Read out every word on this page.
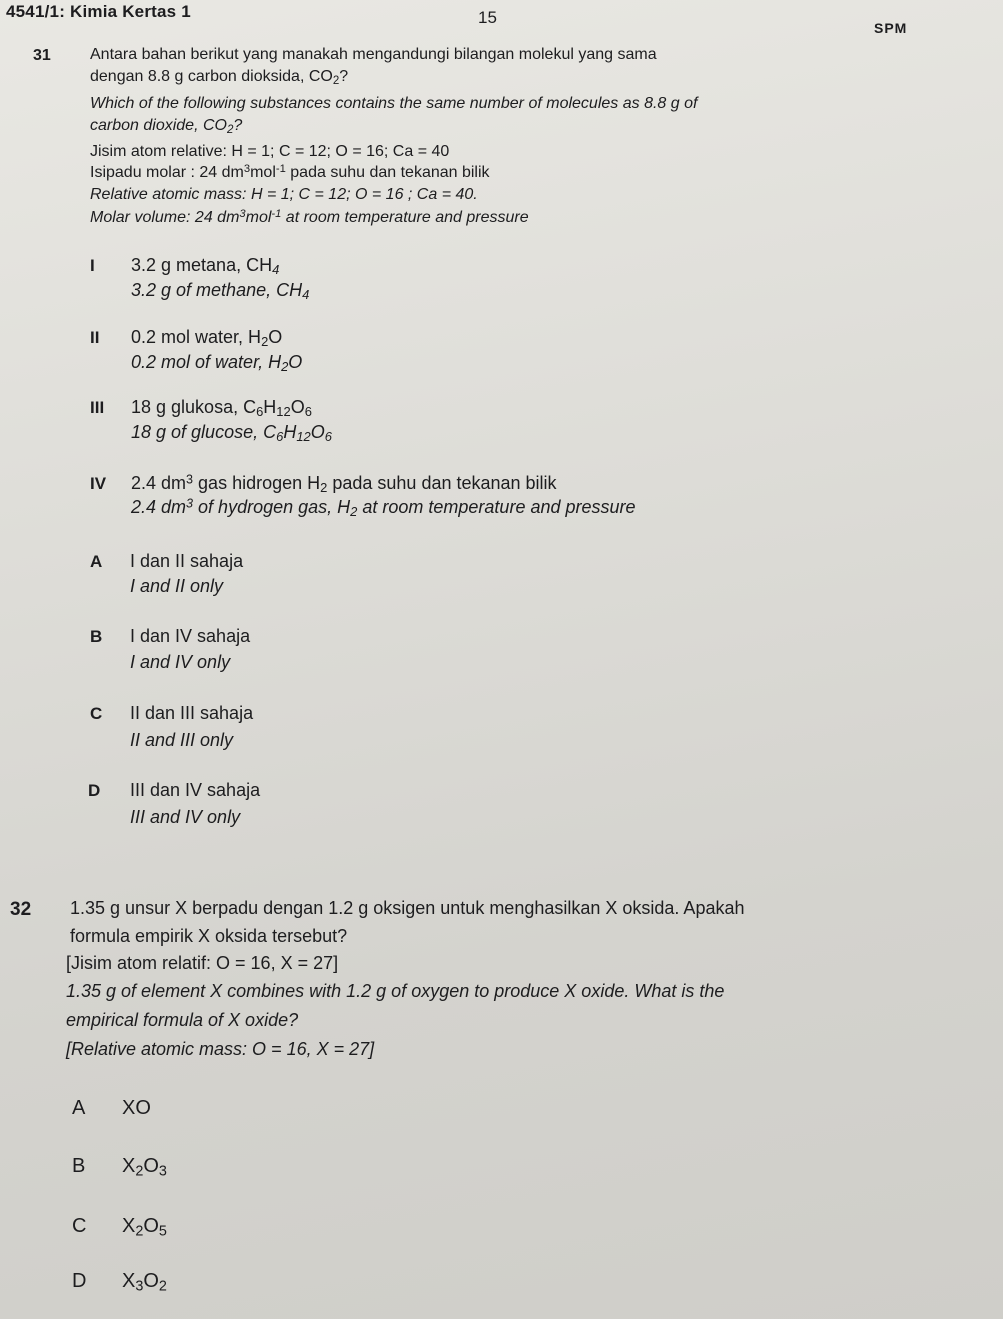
4541/1: Kimia Kertas 1	15
SPM
31 Antara bahan berikut yang manakah mengandungi bilangan molekul yang sama
dengan 8.8 g carbon dioksida, $CO_2$?
Which of the following substances contains the same number of molecules as 8.8 g of
carbon dioxide, $CO_2$?
Jisim atom relative: H = 1; C = 12; O = 16; Ca = 40
Isipadu molar : 24 $dm^3mol^{-1}$ pada suhu dan tekanan bilik
Relative atomic mass: H = 1; C = 12; O = 16 ; Ca = 40.
Molar volume: 24 $dm^3mol^{-1}$ at room temperature and pressure
I 3.2 g metana, $CH_4$
3.2 g of methane, $CH_4$
II 0.2 mol water, $H_2O$
0.2 mol of water, $H_2O$
III 18 g glukosa, $C_6H_{12}O_6$
18 g of glucose, $C_6H_{12}O_6$
IV 2.4 $dm^3$ gas hidrogen $H_2$ pada suhu dan tekanan bilik
2.4 $dm^3$ of hydrogen gas, $H_2$ at room temperature and pressure
A I dan II sahaja
I and II only
B I dan IV sahaja
I and IV only
C II dan III sahaja
II and III only
D III dan IV sahaja
III and IV only
32 1.35 g unsur X berpadu dengan 1.2 g oksigen untuk menghasilkan X oksida. Apakah
formula empirik X oksida tersebut?
[Jisim atom relatif: O = 16, X = 27]
1.35 g of element X combines with 1.2 g of oxygen to produce X oxide. What is the
empirical formula of X oxide?
[Relative atomic mass: O = 16, X = 27]
A XO
B $X_2O_3$
C $X_2O_5$
D $X_3O_2$
